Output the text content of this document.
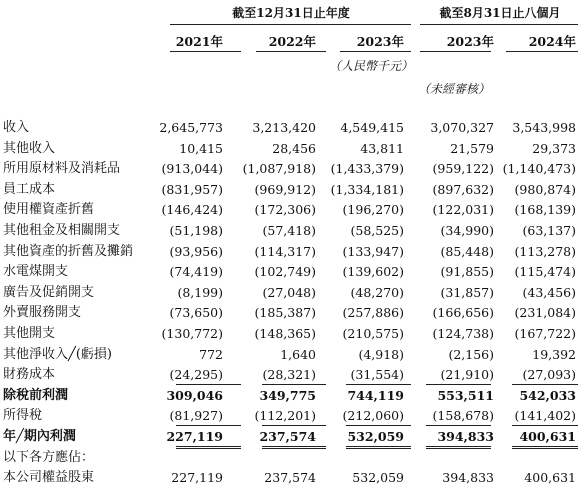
截至12月31日止年度	截至8月31日止八個月
2021年	2022年	2023年	2023年	2024年
（人民幣千元）
（未經審核）
收入	2,645,773	3,213,420	4,549,415	3,070,327	3,543,998
其他收入	10,415	28,456	43,811	21,579	29,373
所用原材料及消耗品	(913,044)	(1,087,918)	(1,433,379)	(959,122) (1,140,473)
員工成本	(831,957)	(969,912)	(1,334,181)	(897,632)	(980,874)
使用權資產折舊	(146,424)	(172,306)	(196,270)	(122,031)	(168,139)
其他租金及相關開支	(51,198)	(57,418)	(58,525)	(34,990)	(63,137)
其他資產的折舊及攤銷	(93,956)	(114,317)	(133,947)	(85,448)	(113,278)
水電煤開支	(74,419)	(102,749)	(139,602)	(91,855)	(115,474)
廣告及促銷開支	(8,199)	(27,048)	(48,270)	(31,857)	(43,456)
外賣服務開支	(73,650)	(185,387)	(257,886)	(166,656)	(231,084)
其他開支	(130,772)	(148,365)	(210,575)	(124,738)	(167,722)
其他淨收入╱(虧損)	772	1,640	(4,918)	(2,156)	19,392
財務成本	(24,295)	(28,321)	(31,554)	(21,910)	(27,093)
除稅前利潤	309,046	349,775	744,119	553,511	542,033
所得稅	(81,927)	(112,201)	(212,060)	(158,678)	(141,402)
年╱期內利潤	227,119	237,574	532,059	394,833	400,631
以下各方應佔：
本公司權益股東	227,119	237,574	532,059	394,833	400,631
